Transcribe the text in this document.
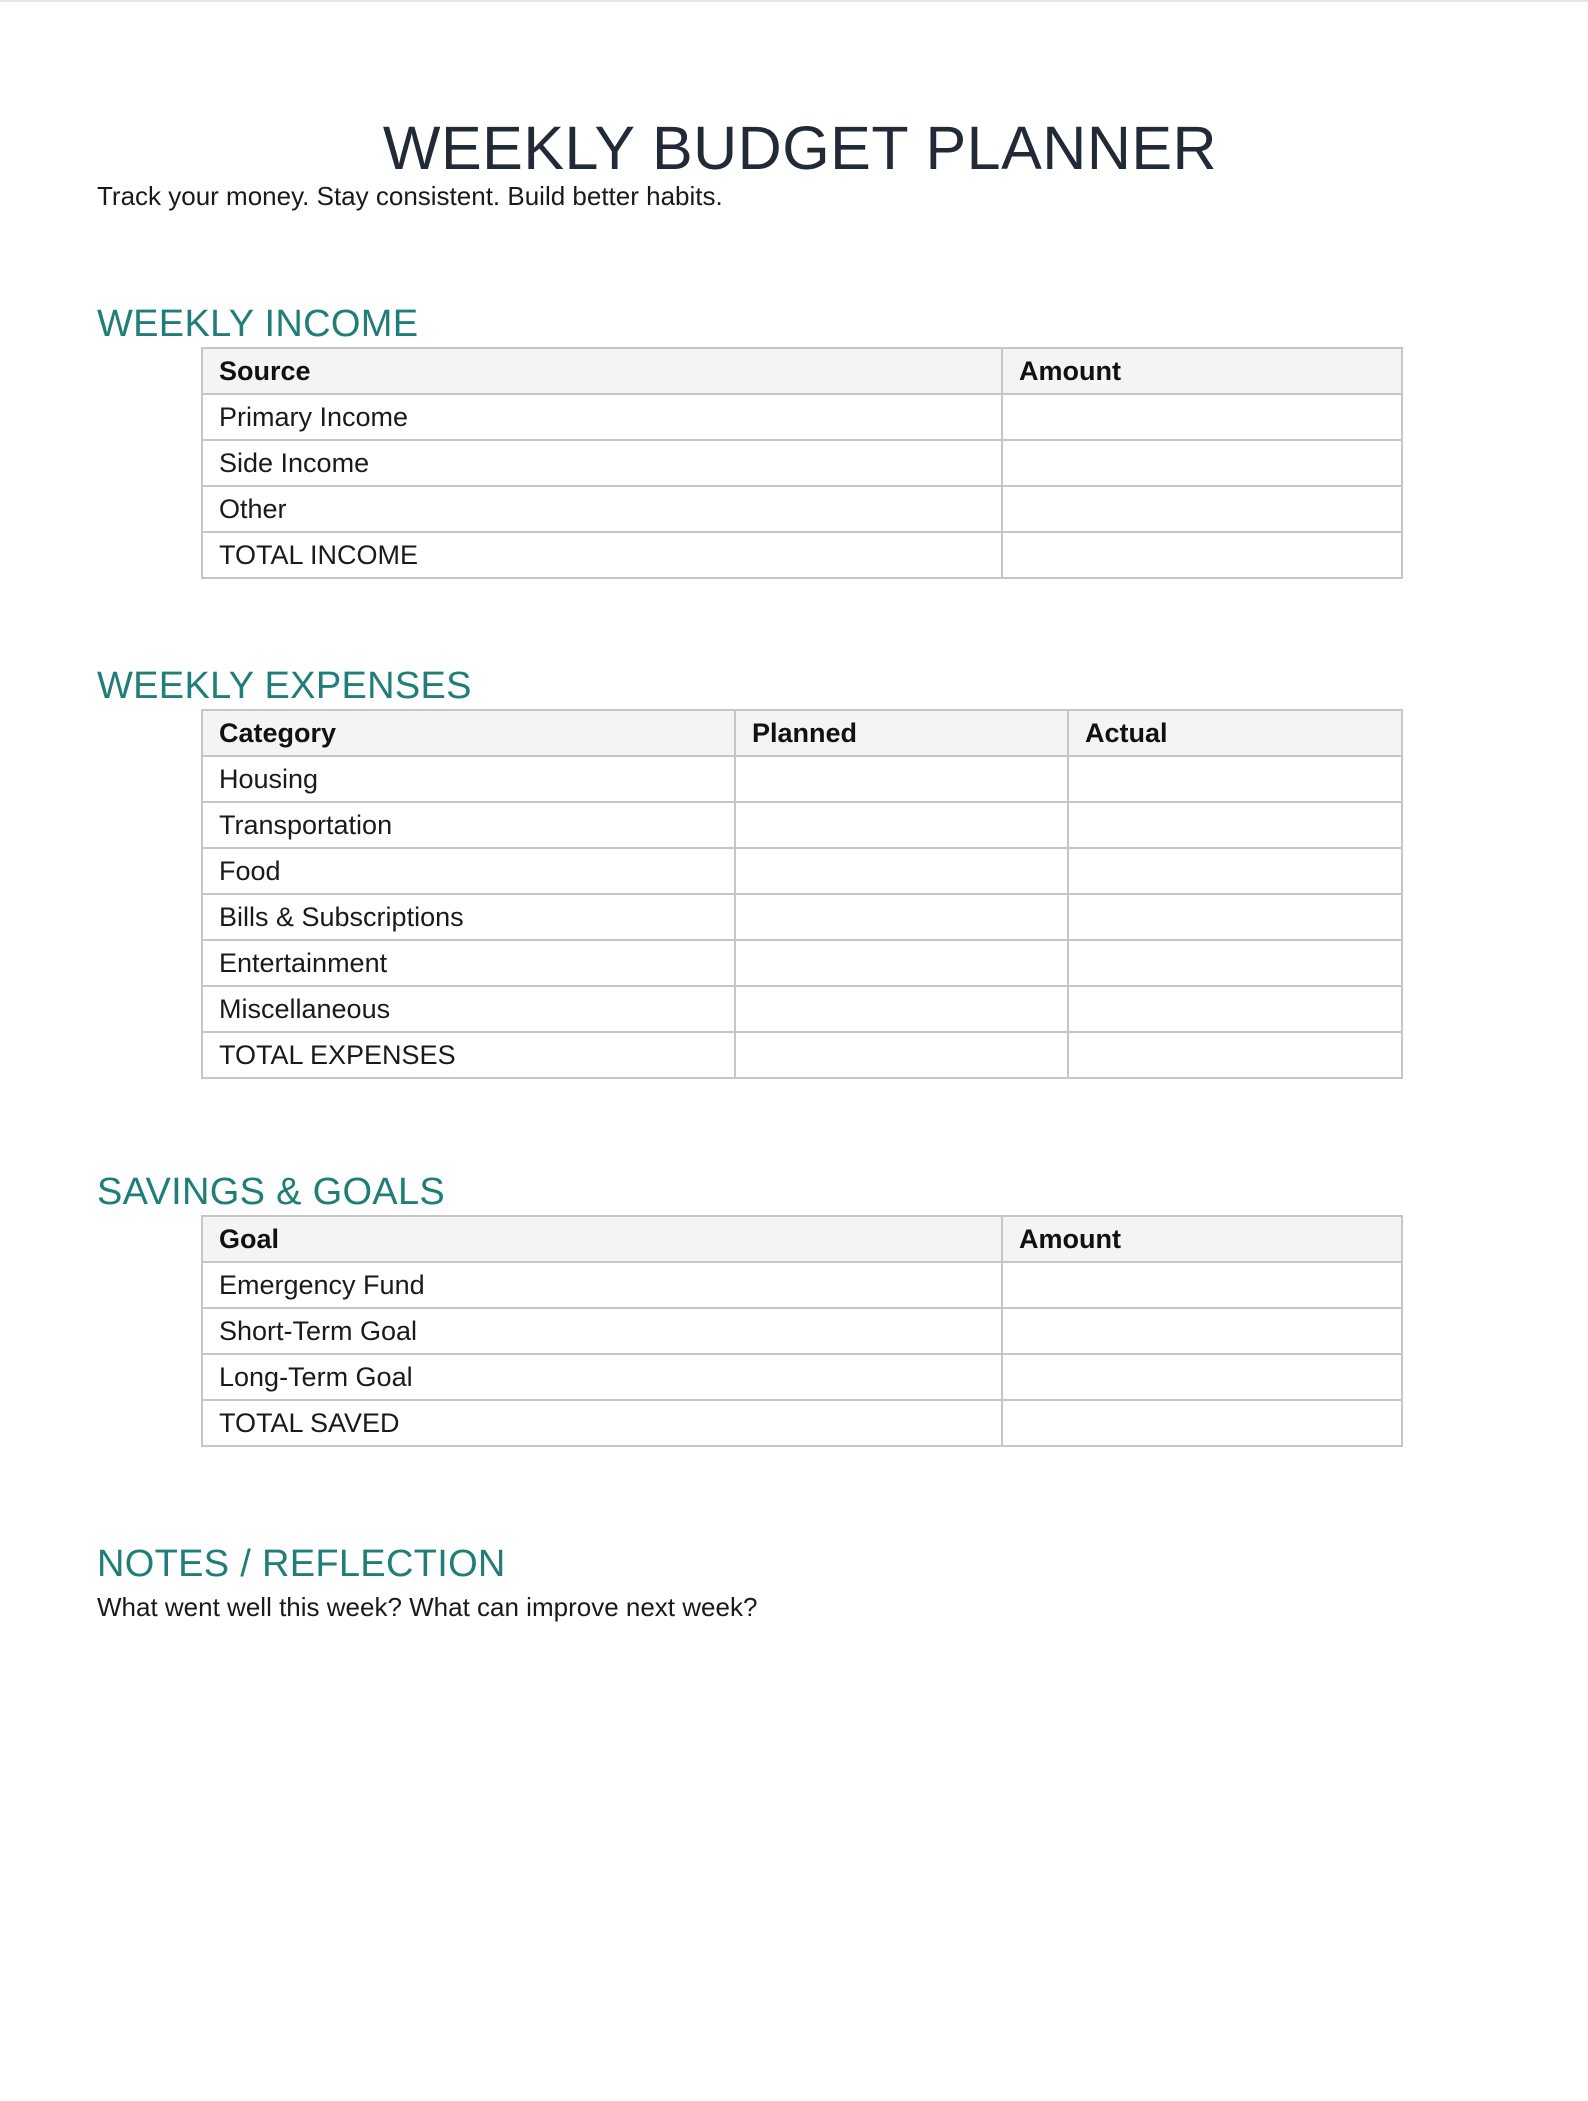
WEEKLY BUDGET PLANNER
Track your money. Stay consistent. Build better habits.
WEEKLY INCOME
Source	Amount
Primary Income	
Side Income	
Other	
TOTAL INCOME	
WEEKLY EXPENSES
Category	Planned	Actual
Housing		
Transportation		
Food		
Bills & Subscriptions		
Entertainment		
Miscellaneous		
TOTAL EXPENSES		
SAVINGS & GOALS
Goal	Amount
Emergency Fund	
Short-Term Goal	
Long-Term Goal	
TOTAL SAVED	
NOTES / REFLECTION
What went well this week? What can improve next week?
